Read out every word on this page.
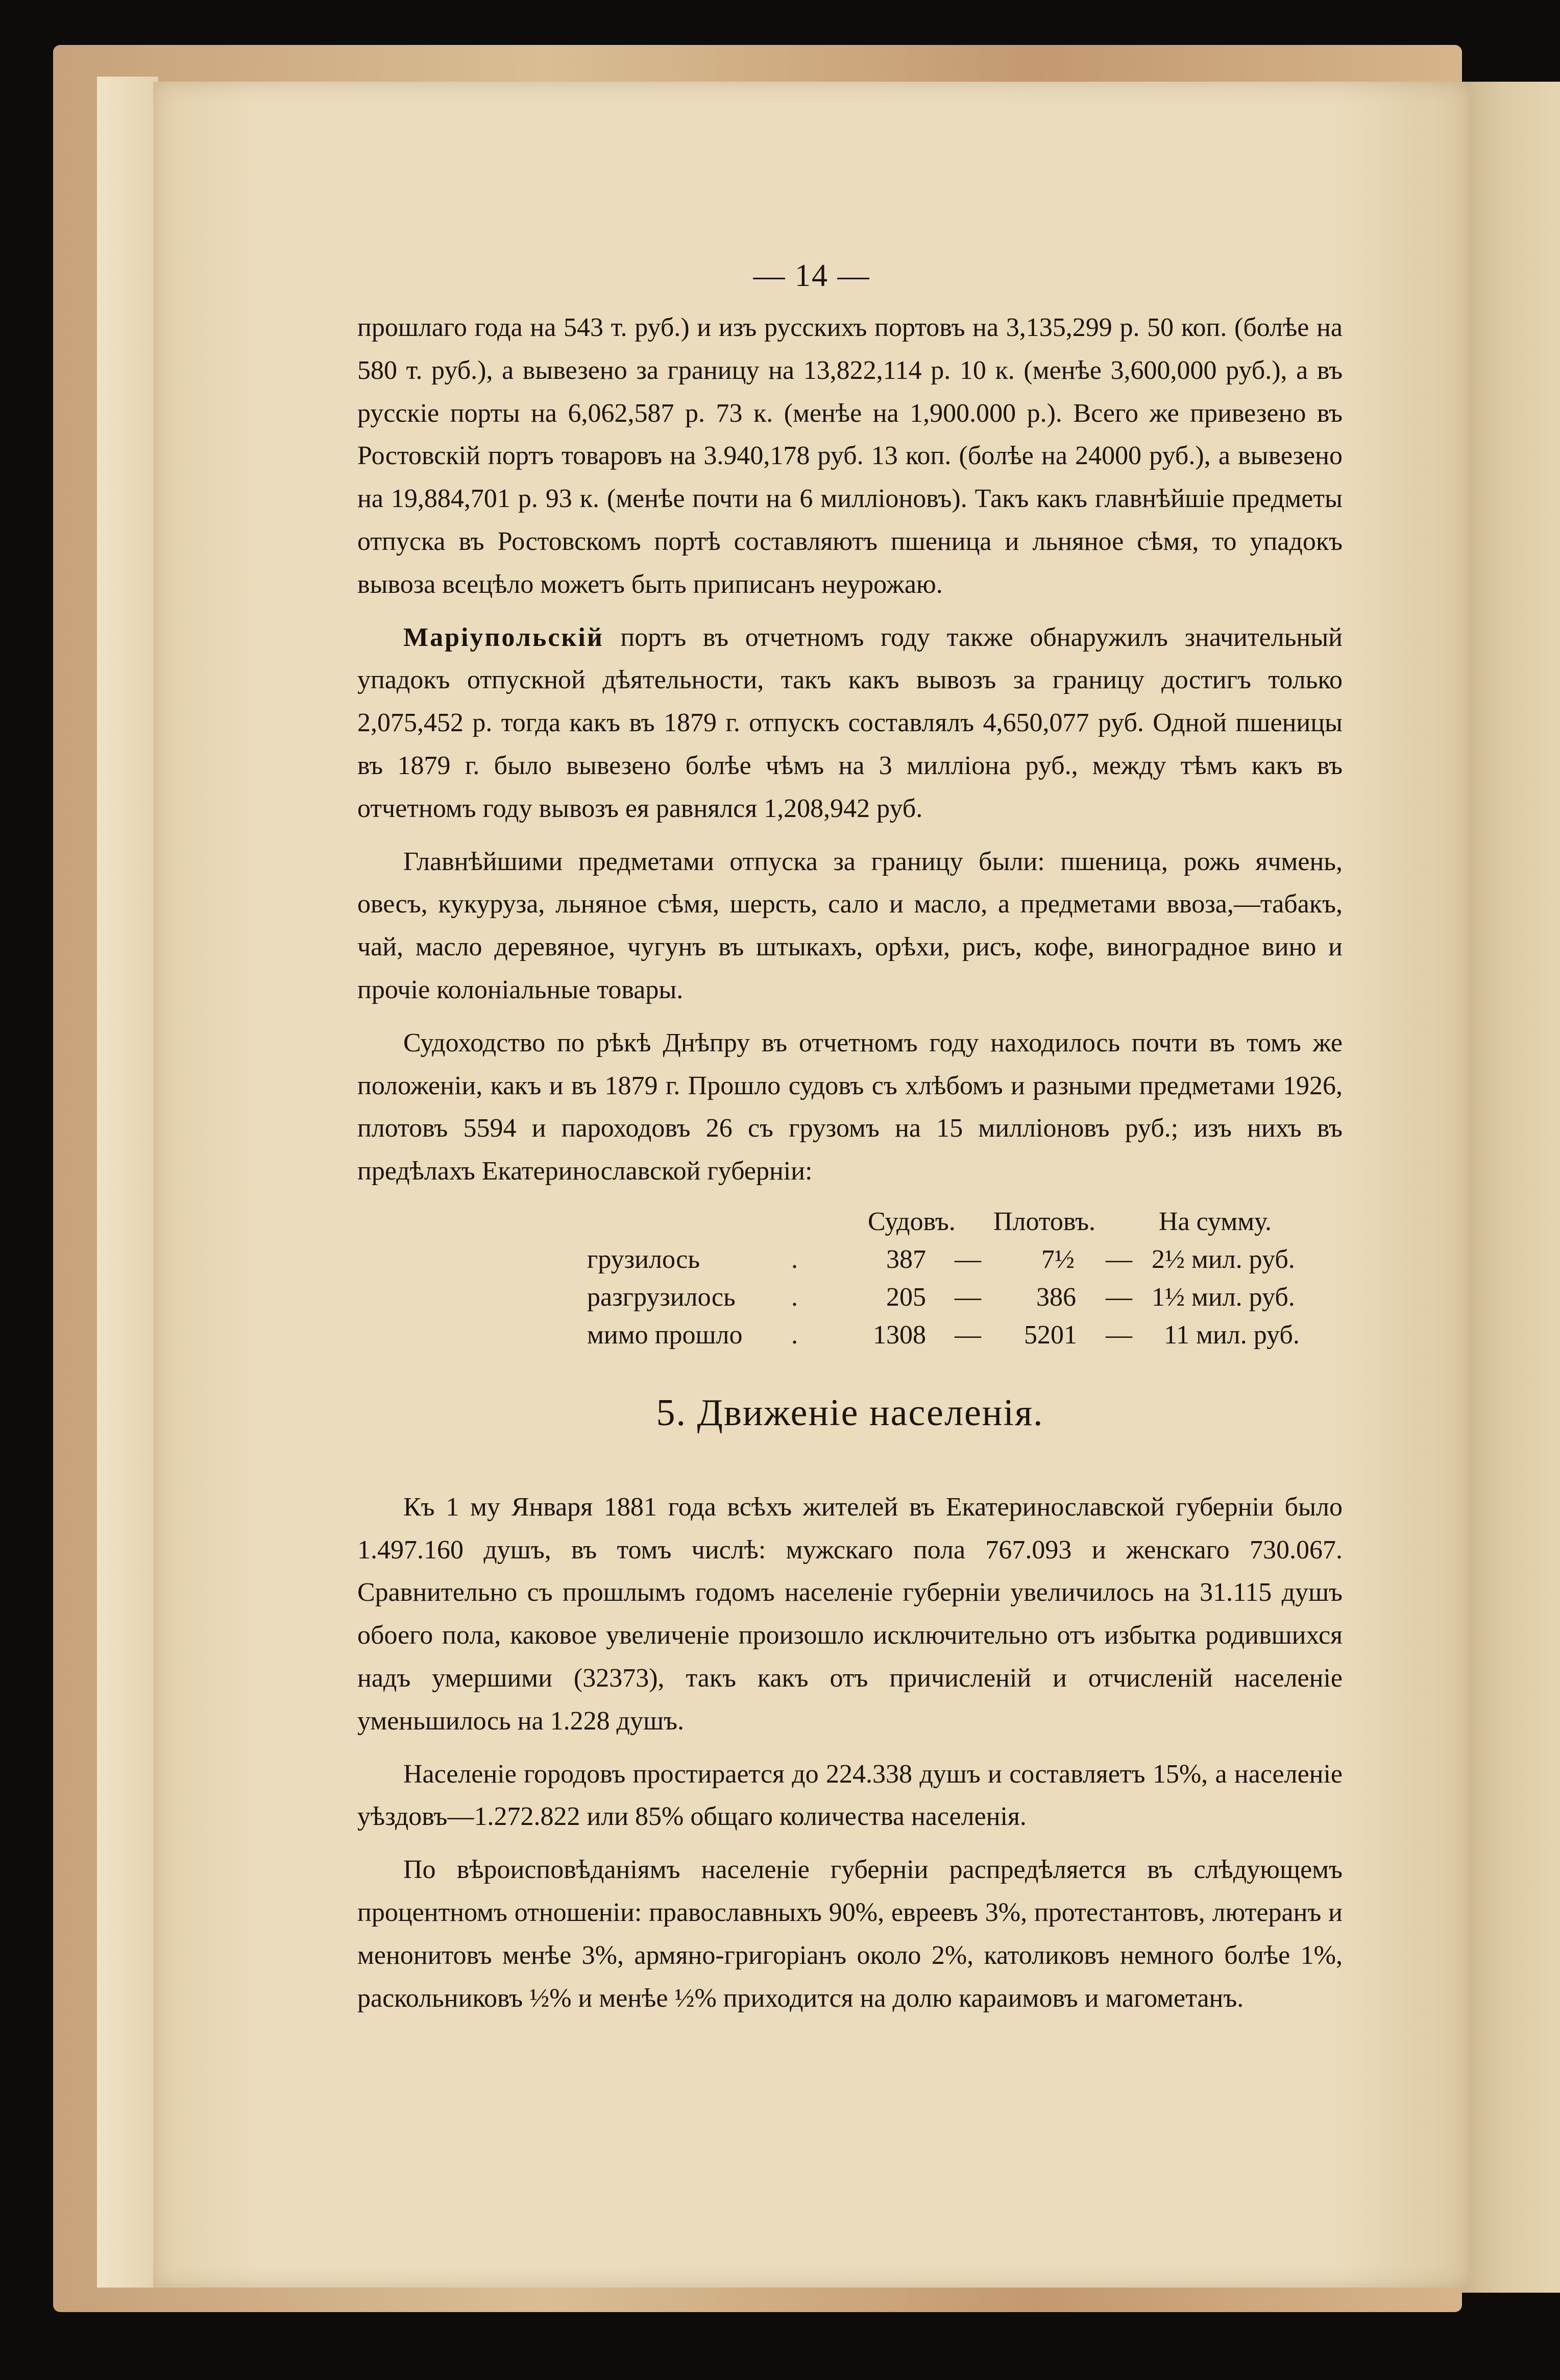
— 14 —

прошлаго года на 543 т. руб.) и изъ русскихъ портовъ на 3,135,299 р. 50 коп. (болѣе на 580 т. руб.), а вывезено за границу на 13,822,114 р. 10 к. (менѣе 3,600,000 руб.), а въ русскіе порты на 6,062,587 р. 73 к. (менѣе на 1,900.000 р.). Всего же привезено въ Ростовскій портъ товаровъ на 3.940,178 руб. 13 коп. (болѣе на 24000 руб.), а вывезено на 19,884,701 р. 93 к. (менѣе почти на 6 милліоновъ). Такъ какъ главнѣйшіе предметы отпуска въ Ростовскомъ портѣ составляютъ пшеница и льняное сѣмя, то упадокъ вывоза всецѣло можетъ быть приписанъ неурожаю.

Маріупольскій портъ въ отчетномъ году также обнаружилъ значительный упадокъ отпускной дѣятельности, такъ какъ вывозъ за границу достигъ только 2,075,452 р. тогда какъ въ 1879 г. отпускъ составлялъ 4,650,077 руб. Одной пшеницы въ 1879 г. было вывезено болѣе чѣмъ на 3 милліона руб., между тѣмъ какъ въ отчетномъ году вывозъ ея равнялся 1,208,942 руб.

Главнѣйшими предметами отпуска за границу были: пшеница, рожь ячмень, овесъ, кукуруза, льняное сѣмя, шерсть, сало и масло, а предметами ввоза,—табакъ, чай, масло деревяное, чугунъ въ штыкахъ, орѣхи, рисъ, кофе, виноградное вино и прочіе колоніальные товары.

Судоходство по рѣкѣ Днѣпру въ отчетномъ году находилось почти въ томъ же положеніи, какъ и въ 1879 г. Прошло судовъ съ хлѣбомъ и разными предметами 1926, плотовъ 5594 и пароходовъ 26 съ грузомъ на 15 милліоновъ руб.; изъ нихъ въ предѣлахъ Екатеринославской губерніи:

Судовъ. Плотовъ. На сумму.
грузилось	.	387 — 7½ — 2½ мил. руб.
разгрузилось .	205 — 386 — 1½ мил. руб.
мимо прошло .	1308 — 5201 — 11 мил. руб.
5. Движеніе населенія.

Къ 1 му Января 1881 года всѣхъ жителей въ Екатеринославской губерніи было 1.497.160 душъ, въ томъ числѣ: мужскаго пола 767.093 и женскаго 730.067. Сравнительно съ прошлымъ годомъ населеніе губерніи увеличилось на 31.115 душъ обоего пола, каковое увеличеніе произошло исключительно отъ избытка родившихся надъ умершими (32373), такъ какъ отъ причисленій и отчисленій населеніе уменьшилось на 1.228 душъ.

Населеніе городовъ простирается до 224.338 душъ и составляетъ 15%, а населеніе уѣздовъ—1.272.822 или 85% общаго количества населенія.

По вѣроисповѣданіямъ населеніе губерніи распредѣляется въ слѣдующемъ процентномъ отношеніи: православныхъ 90%, евреевъ 3%, протестантовъ, лютеранъ и менонитовъ менѣе 3%, армяно-григоріанъ около 2%, католиковъ немного болѣе 1%, раскольниковъ ½% и менѣе ½% приходится на долю караимовъ и магометанъ.
